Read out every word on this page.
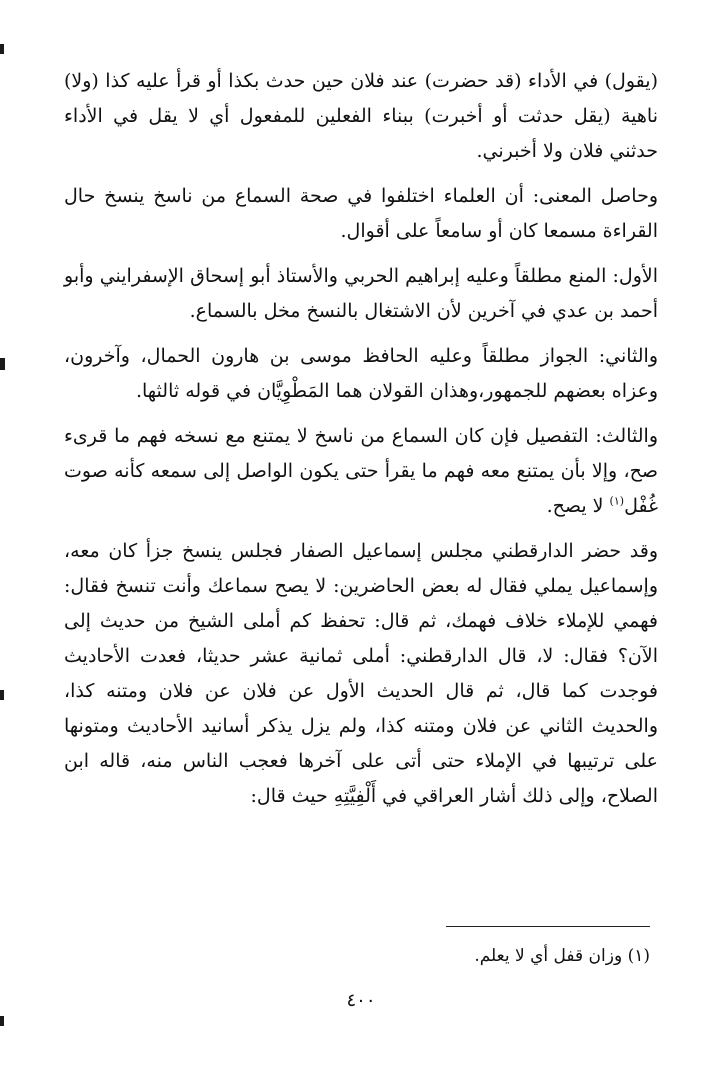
(يقول) في الأداء (قد حضرت) عند فلان حين حدث بكذا أو قرأ عليه كذا (ولا) ناهية (يقل حدثت أو أخبرت) ببناء الفعلين للمفعول أي لا يقل في الأداء حدثني فلان ولا أخبرني.

وحاصل المعنى: أن العلماء اختلفوا في صحة السماع من ناسخ ينسخ حال القراءة مسمعا كان أو سامعاً على أقوال.

الأول: المنع مطلقاً وعليه إبراهيم الحربي والأستاذ أبو إسحاق الإسفرايني وأبو أحمد بن عدي في آخرين لأن الاشتغال بالنسخ مخل بالسماع.

والثاني: الجواز مطلقاً وعليه الحافظ موسى بن هارون الحمال، وآخرون، وعزاه بعضهم للجمهور،وهذان القولان هما المَطْوِيَّان في قوله ثالثها.

والثالث: التفصيل فإن كان السماع من ناسخ لا يمتنع مع نسخه فهم ما قرىء صح، وإلا بأن يمتنع معه فهم ما يقرأ حتى يكون الواصل إلى سمعه كأنه صوت غُفْل$^{(١)}$ لا يصح.

وقد حضر الدارقطني مجلس إسماعيل الصفار فجلس ينسخ جزأ كان معه، وإسماعيل يملي فقال له بعض الحاضرين: لا يصح سماعك وأنت تنسخ فقال: فهمي للإملاء خلاف فهمك، ثم قال: تحفظ كم أملى الشيخ من حديث إلى الآن؟ فقال: لا، قال الدارقطني: أملى ثمانية عشر حديثا، فعدت الأحاديث فوجدت كما قال، ثم قال الحديث الأول عن فلان عن فلان ومتنه كذا، والحديث الثاني عن فلان ومتنه كذا، ولم يزل يذكر أسانيد الأحاديث ومتونها على ترتيبها في الإملاء حتى أتى على آخرها فعجب الناس منه، قاله ابن الصلاح، وإلى ذلك أشار العراقي في أَلْفِيَّتِهِ حيث قال:

(١) وزان قفل أي لا يعلم.
٤٠٠
